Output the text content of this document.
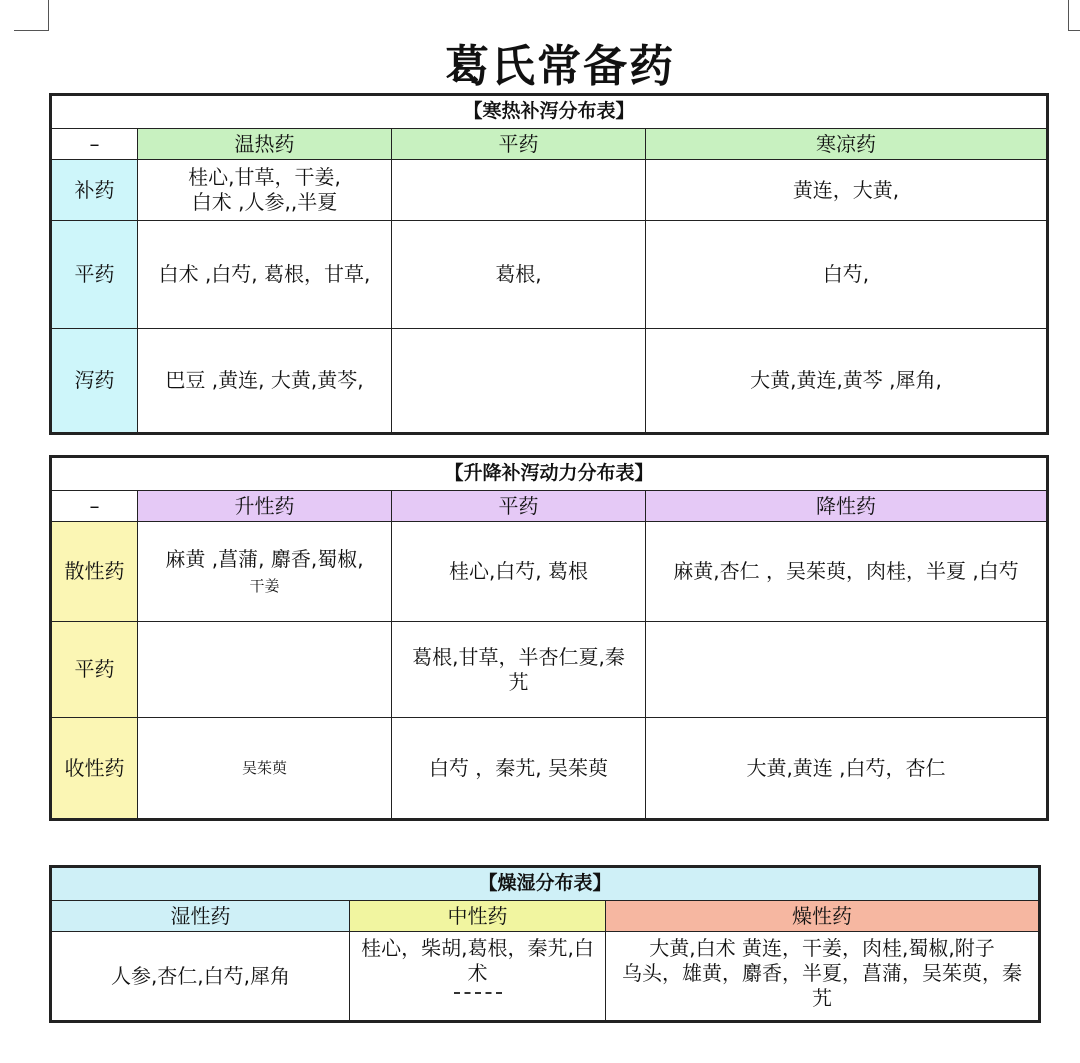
葛氏常备药
【寒热补泻分布表】			
–	温热药	平药	寒凉药
补药	桂心,甘草，干姜,
白术 ,人参,,半夏		黄连，大黄,
平药	白术 ,白芍, 葛根，甘草,	葛根,	白芍,
泻药	巴豆 ,黄连, 大黄,黄芩,		大黄,黄连,黄芩 ,犀角,
【升降补泻动力分布表】			
–	升性药	平药	降性药
散性药	麻黄 ,菖蒲, 麝香,蜀椒,
干姜	桂心,白芍, 葛根	麻黄,杏仁 ，吴茱萸，肉桂，半夏 ,白芍
平药		葛根,甘草，半杏仁夏,秦
艽	
收性药	吴茱萸	白芍 ，秦艽, 吴茱萸	大黄,黄连 ,白芍，杏仁
【燥湿分布表】		
湿性药	中性药	燥性药
人参,杏仁,白芍,犀角	桂心，柴胡,葛根，秦艽,白
术	大黄,白术 黄连，干姜，肉桂,蜀椒,附子
乌头，雄黄，麝香，半夏，菖蒲，吴茱萸，秦
艽
